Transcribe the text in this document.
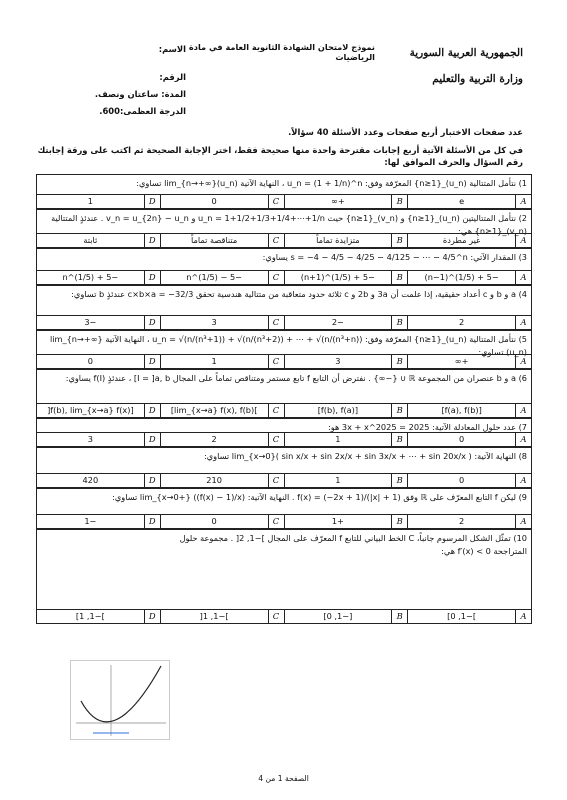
الجمهورية العربية السورية
وزارة التربية والتعليم
نموذج لامتحان الشهادة الثانوية العامة في مادة الرياضيات
الاسم:
الرقم:
المدة: ساعتان ونصف.
الدرجة العظمى:600.

عدد صفحات الاختبار أربع صفحات وعدد الأسئلة 40 سؤالاً.

في كل من الأسئلة الآتية أربع إجابات مقترحة واحدة منها صحيحة فقط، اختر الإجابة الصحيحة ثم اكتب على ورقة إجابتك رقم السؤال والحرف الموافق لها:

1) نتأمل المتتالية (u_n)_{n≥1} المعرّفة وفق: u_n = (1 + 1/n)^n ، النهاية الآتية lim_{n→+∞}(u_n) تساوي:
A
e
B
+∞
C
0
D
1
2) نتأمل المتتاليتين (u_n)_{n≥1} و (v_n)_{n≥1} حيث u_n = 1+1/2+1/3+1/4+⋯+1/n و v_n = u_{2n} − u_n . عندئذٍ المتتالية (v_n)_{n≥1} هي:
A
غير مطردة
B
متزايدة تماماً
C
متناقصة تماماً
D
ثابتة
3) المقدار الآتي: s = −4 − 4/5 − 4/25 − 4/125 − ⋯ − 4/5^n يساوي:
A
−5 + (1/5)^(n−1)
B
−5 + (1/5)^(n+1)
C
−5 − (1/5)^n
D
−5 + (1/5)^n
4) a و b و c أعداد حقيقية، إذا علمت أن 3a و 2b و c ثلاثة حدود متعاقبة من متتالية هندسية تحقق c×b×a = −32/3 عندئذٍ b تساوي:
A
2
B
−2
C
3
D
−3
5) نتأمل المتتالية (u_n)_{n≥1} المعرّفة وفق: u_n = √(n/(n³+1)) + √(n/(n³+2)) + ⋯ + √(n/(n³+n)) ، النهاية الآتية lim_{n→+∞}(u_n) تساوي:
A
+∞
B
3
C
1
D
0
6) a و b عنصران من المجموعة ℝ ∪ {−∞} . نفترض أن التابع f تابع مستمر ومتناقص تماماً على المجال I = ]a, b] ، عندئذٍ f(I) يساوي:
A
[f(a), f(b)]
B
[f(b), f(a)]
C
]lim_{x→a} f(x), f(b)]
D
[f(b), lim_{x→a} f(x)[
7) عدد حلول المعادلة الآتية: 2025 = 3x + x^2025 هو:
A
0
B
1
C
2
D
3
8) النهاية الآتية: lim_{x→0}( sin x/x + sin 2x/x + sin 3x/x + ⋯ + sin 20x/x ) تساوي:
A
0
B
1
C
210
D
420
9) ليكن f التابع المعرّف على ℝ وفق f(x) = (−2x + 1)/(|x| + 1) . النهاية الآتية: lim_{x→0+} ((f(x) − 1)/x) تساوي:
A
2
B
+1
C
0
D
−1
10) تمثّل الشكل المرسوم جانباً، C الخط البياني للتابع f المعرّف على المجال ]−1, 2[ . مجموعة حلول المتراجحة f′(x) < 0 هي:
A
]−1, 0]
B
[−1, 0]
C
]−1, 1[
D
]−1, 1]
الصفحة 1 من 4
